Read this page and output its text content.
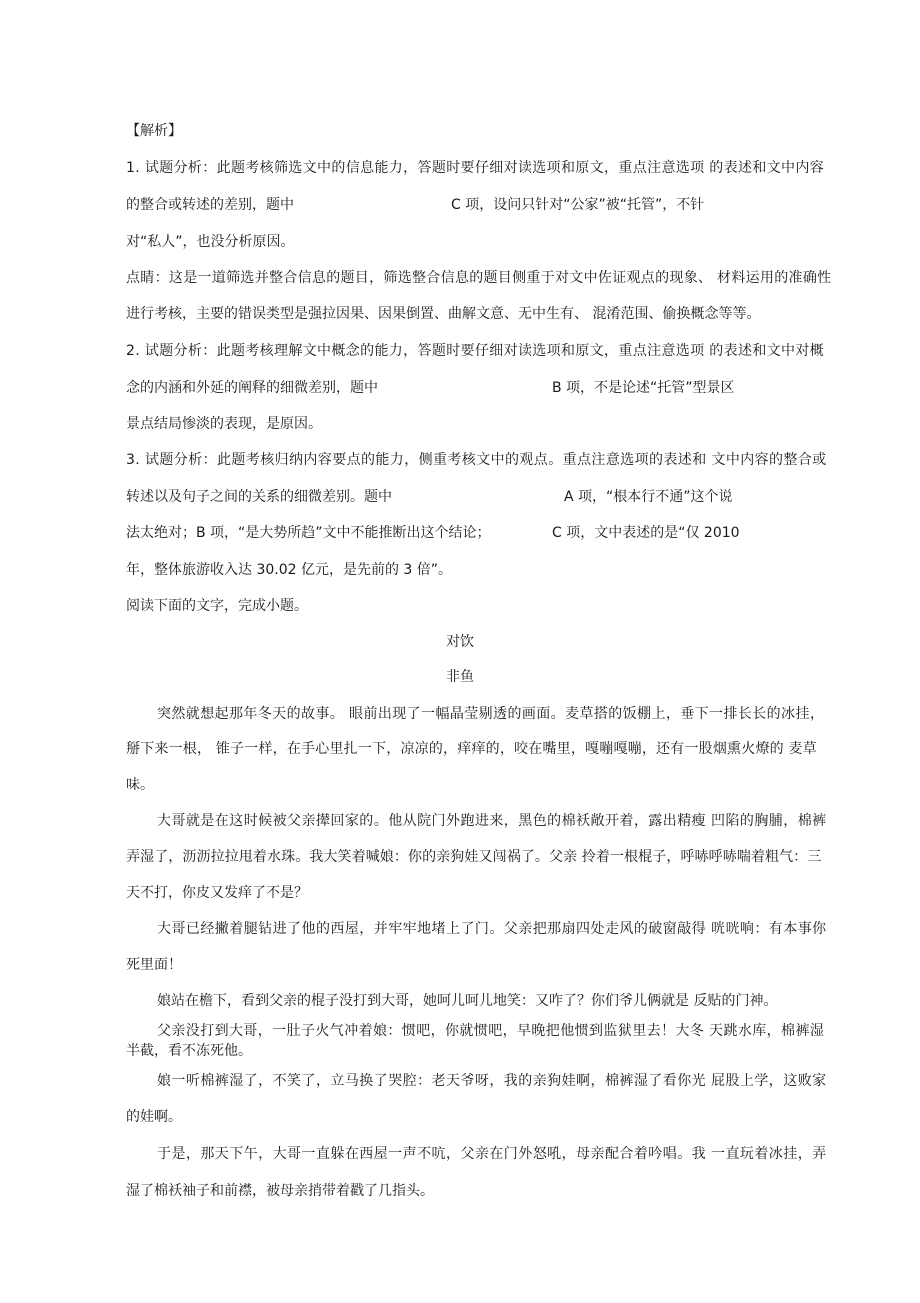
【解析】
1. 试题分析：此题考核筛选文中的信息能力，答题时要仔细对读选项和原文，重点注意选项 的表述和文中内容
的整合或转述的差别，题中	C 项，设问只针对“公家”被“托管”，不针
对“私人”，也没分析原因。
点睛：这是一道筛选并整合信息的题目，筛选整合信息的题目侧重于对文中佐证观点的现象、 材料运用的准确性
进行考核，主要的错误类型是强拉因果、因果倒置、曲解文意、无中生有、 混淆范围、偷换概念等等。
2. 试题分析：此题考核理解文中概念的能力，答题时要仔细对读选项和原文，重点注意选项 的表述和文中对概
念的内涵和外延的阐释的细微差别，题中	B 项，不是论述“托管”型景区
景点结局惨淡的表现，是原因。
3. 试题分析：此题考核归纳内容要点的能力，侧重考核文中的观点。重点注意选项的表述和 文中内容的整合或
转述以及句子之间的关系的细微差别。题中	A 项，“根本行不通”这个说
法太绝对；B 项，“是大势所趋”文中不能推断出这个结论；	C 项，文中表述的是“仅 2010
年，整体旅游收入达 30.02 亿元，是先前的 3 倍”。
阅读下面的文字，完成小题。
对饮
非鱼
突然就想起那年冬天的故事。 眼前出现了一幅晶莹剔透的画面。麦草搭的饭棚上，垂下一排长长的冰挂，
掰下来一根， 锥子一样，在手心里扎一下，凉凉的，痒痒的，咬在嘴里，嘎嘣嘎嘣，还有一股烟熏火燎的 麦草
味。
大哥就是在这时候被父亲撵回家的。他从院门外跑进来，黑色的棉袄敞开着，露出精瘦 凹陷的胸脯，棉裤
弄湿了，沥沥拉拉甩着水珠。我大笑着喊娘：你的亲狗娃又闯祸了。父亲 拎着一根棍子，呼哧呼哧喘着粗气：三
天不打，你皮又发痒了不是？
大哥已经撇着腿钻进了他的西屋，并牢牢地堵上了门。父亲把那扇四处走风的破窗敲得 咣咣响：有本事你
死里面！
娘站在檐下，看到父亲的棍子没打到大哥，她呵儿呵儿地笑：又咋了？你们爷儿俩就是 反贴的门神。
父亲没打到大哥，一肚子火气冲着娘：惯吧，你就惯吧，早晚把他惯到监狱里去！大冬 天跳水库，棉裤湿
半截，看不冻死他。
娘一听棉裤湿了，不笑了，立马换了哭腔：老天爷呀，我的亲狗娃啊，棉裤湿了看你光 屁股上学，这败家
的娃啊。
于是，那天下午，大哥一直躲在西屋一声不吭，父亲在门外怒吼，母亲配合着吟唱。我 一直玩着冰挂，弄
湿了棉袄袖子和前襟，被母亲捎带着戳了几指头。
